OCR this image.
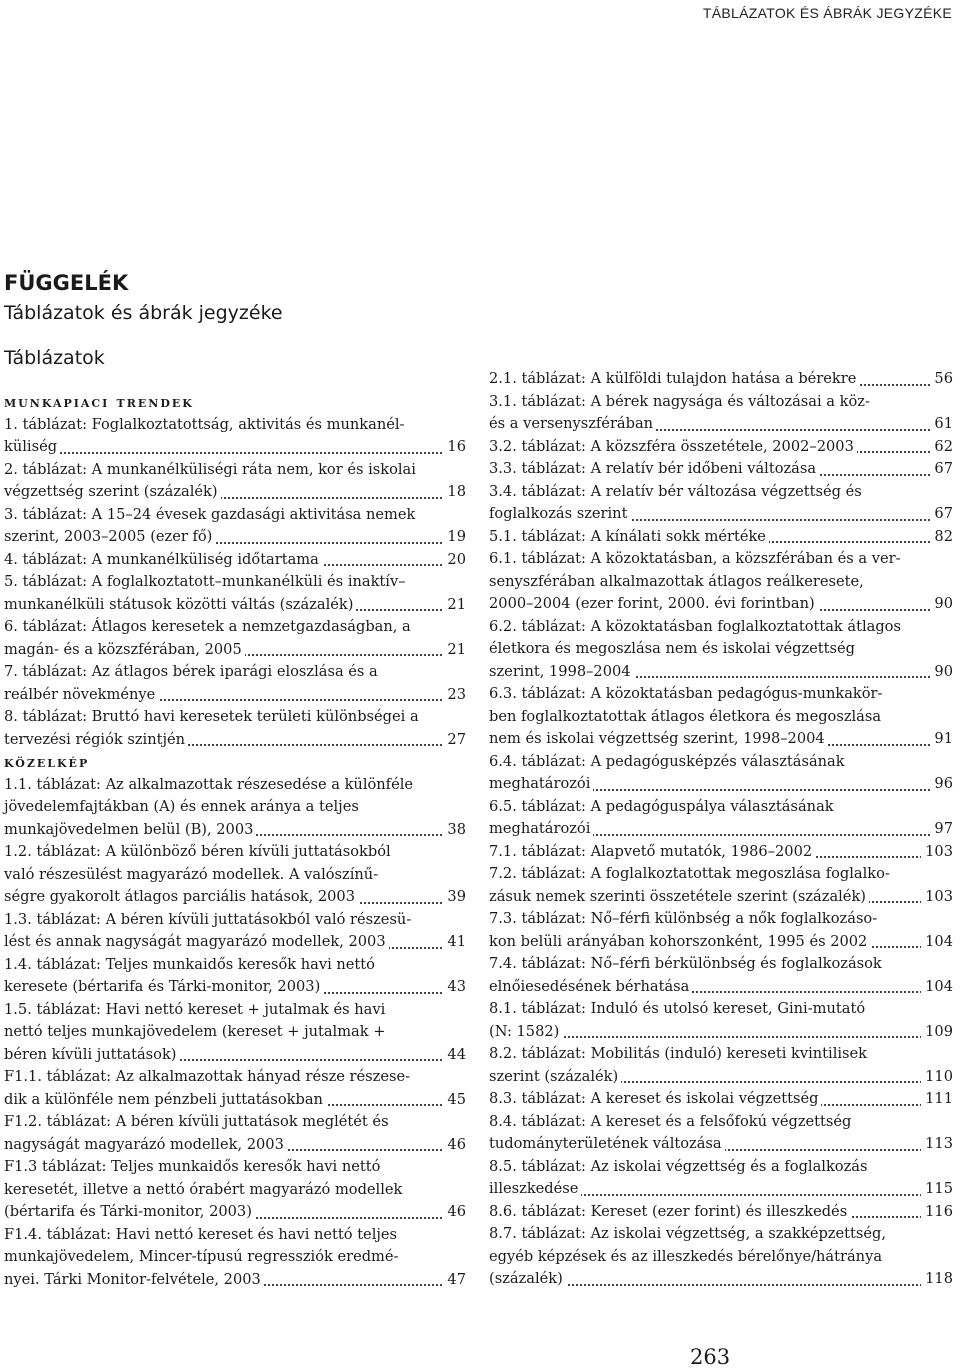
TÁBLÁZATOK ÉS ÁBRÁK JEGYZÉKE
FÜGGELÉK
Táblázatok és ábrák jegyzéke
Táblázatok
munkapiaci trendek
1. táblázat: Foglalkoztatottság, aktivitás és munkanél-
küliség	16
2. táblázat: A munkanélküliségi ráta nem, kor és iskolai
végzettség szerint (százalék)	18
3. táblázat: A 15–24 évesek gazdasági aktivitása nemek
szerint, 2003–2005 (ezer fő)	19
4. táblázat: A munkanélküliség időtartama	20
5. táblázat: A foglalkoztatott–munkanélküli és inaktív–
munkanélküli státusok közötti váltás (százalék)	21
6. táblázat: Átlagos keresetek a nemzetgazdaságban, a
magán- és a közszférában, 2005	21
7. táblázat: Az átlagos bérek iparági eloszlása és a
reálbér növekménye	23
8. táblázat: Bruttó havi keresetek területi különbségei a
tervezési régiók szintjén	27
közelkép
1.1. táblázat: Az alkalmazottak részesedése a különféle
jövedelemfajtákban (A) és ennek aránya a teljes
munkajövedelmen belül (B), 2003	38
1.2. táblázat: A különböző béren kívüli juttatásokból
való részesülést magyarázó modellek. A valószínű-
ségre gyakorolt átlagos parciális hatások, 2003	39
1.3. táblázat: A béren kívüli juttatásokból való részesü-
lést és annak nagyságát magyarázó modellek, 2003	41
1.4. táblázat: Teljes munkaidős keresők havi nettó
keresete (bértarifa és Tárki-monitor, 2003)	43
1.5. táblázat: Havi nettó kereset + jutalmak és havi
nettó teljes munkajövedelem (kereset + jutalmak +
béren kívüli juttatások)	44
F1.1. táblázat: Az alkalmazottak hányad része részese-
dik a különféle nem pénzbeli juttatásokban	45
F1.2. táblázat: A béren kívüli juttatások meglétét és
nagyságát magyarázó modellek, 2003	46
F1.3 táblázat: Teljes munkaidős keresők havi nettó
keresetét, illetve a nettó órabért magyarázó modellek
(bértarifa és Tárki-monitor, 2003)	46
F1.4. táblázat: Havi nettó kereset és havi nettó teljes
munkajövedelem, Mincer-típusú regressziók eredmé-
nyei. Tárki Monitor-felvétele, 2003	47
2.1. táblázat: A külföldi tulajdon hatása a bérekre	56
3.1. táblázat: A bérek nagysága és változásai a köz-
és a versenyszférában	61
3.2. táblázat: A közszféra összetétele, 2002–2003	62
3.3. táblázat: A relatív bér időbeni változása	67
3.4. táblázat: A relatív bér változása végzettség és
foglalkozás szerint	67
5.1. táblázat: A kínálati sokk mértéke	82
6.1. táblázat: A közoktatásban, a közszférában és a ver-
senyszférában alkalmazottak átlagos reálkeresete,
2000–2004 (ezer forint, 2000. évi forintban)	90
6.2. táblázat: A közoktatásban foglalkoztatottak átlagos
életkora és megoszlása nem és iskolai végzettség
szerint, 1998–2004	90
6.3. táblázat: A közoktatásban pedagógus-munkakör-
ben foglalkoztatottak átlagos életkora és megoszlása
nem és iskolai végzettség szerint, 1998–2004	91
6.4. táblázat: A pedagógusképzés választásának
meghatározói	96
6.5. táblázat: A pedagóguspálya választásának
meghatározói	97
7.1. táblázat: Alapvető mutatók, 1986–2002	103
7.2. táblázat: A foglalkoztatottak megoszlása foglalko-
zásuk nemek szerinti összetétele szerint (százalék)	103
7.3. táblázat: Nő–férfi különbség a nők foglalkozáso-
kon belüli arányában kohorszonként, 1995 és 2002	104
7.4. táblázat: Nő–férfi bérkülönbség és foglalkozások
elnőiesedésének bérhatása	104
8.1. táblázat: Induló és utolsó kereset, Gini-mutató
(N: 1582)	109
8.2. táblázat: Mobilitás (induló) kereseti kvintilisek
szerint (százalék)	110
8.3. táblázat: A kereset és iskolai végzettség	111
8.4. táblázat: A kereset és a felsőfokú végzettség
tudományterületének változása	113
8.5. táblázat: Az iskolai végzettség és a foglalkozás
illeszkedése	115
8.6. táblázat: Kereset (ezer forint) és illeszkedés	116
8.7. táblázat: Az iskolai végzettség, a szakképzettség,
egyéb képzések és az illeszkedés bérelőnye/hátránya
(százalék)	118
263
